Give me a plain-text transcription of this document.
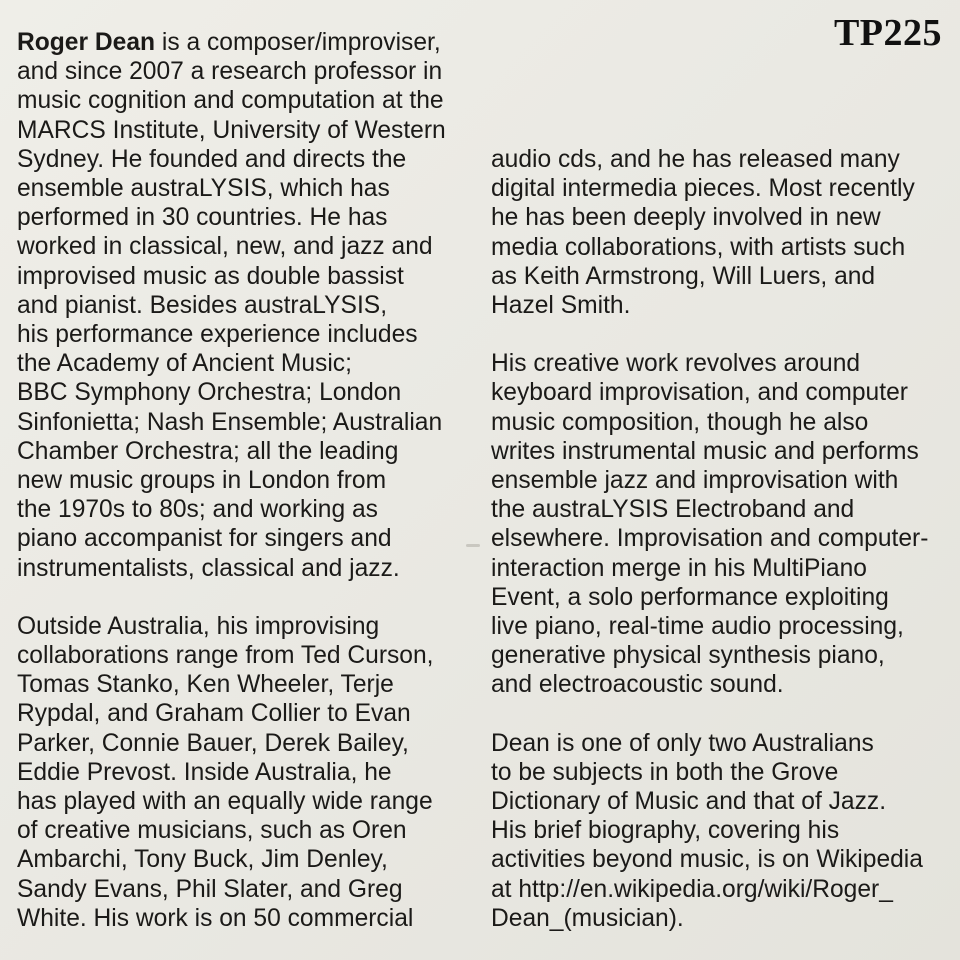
TP225
Roger Dean is a composer/improviser,
and since 2007 a research professor in
music cognition and computation at the
MARCS Institute, University of Western
Sydney. He founded and directs the
ensemble austraLYSIS, which has
performed in 30 countries. He has
worked in classical, new, and jazz and
improvised music as double bassist
and pianist. Besides austraLYSIS,
his performance experience includes
the Academy of Ancient Music;
BBC Symphony Orchestra; London
Sinfonietta; Nash Ensemble; Australian
Chamber Orchestra; all the leading
new music groups in London from
the 1970s to 80s; and working as
piano accompanist for singers and
instrumentalists, classical and jazz.
Outside Australia, his improvising
collaborations range from Ted Curson,
Tomas Stanko, Ken Wheeler, Terje
Rypdal, and Graham Collier to Evan
Parker, Connie Bauer, Derek Bailey,
Eddie Prevost. Inside Australia, he
has played with an equally wide range
of creative musicians, such as Oren
Ambarchi, Tony Buck, Jim Denley,
Sandy Evans, Phil Slater, and Greg
White. His work is on 50 commercial
audio cds, and he has released many
digital intermedia pieces. Most recently
he has been deeply involved in new
media collaborations, with artists such
as Keith Armstrong, Will Luers, and
Hazel Smith.
His creative work revolves around
keyboard improvisation, and computer
music composition, though he also
writes instrumental music and performs
ensemble jazz and improvisation with
the austraLYSIS Electroband and
elsewhere. Improvisation and computer-
interaction merge in his MultiPiano
Event, a solo performance exploiting
live piano, real-time audio processing,
generative physical synthesis piano,
and electroacoustic sound.
Dean is one of only two Australians
to be subjects in both the Grove
Dictionary of Music and that of Jazz.
His brief biography, covering his
activities beyond music, is on Wikipedia
at http://en.wikipedia.org/wiki/Roger_
Dean_(musician).
